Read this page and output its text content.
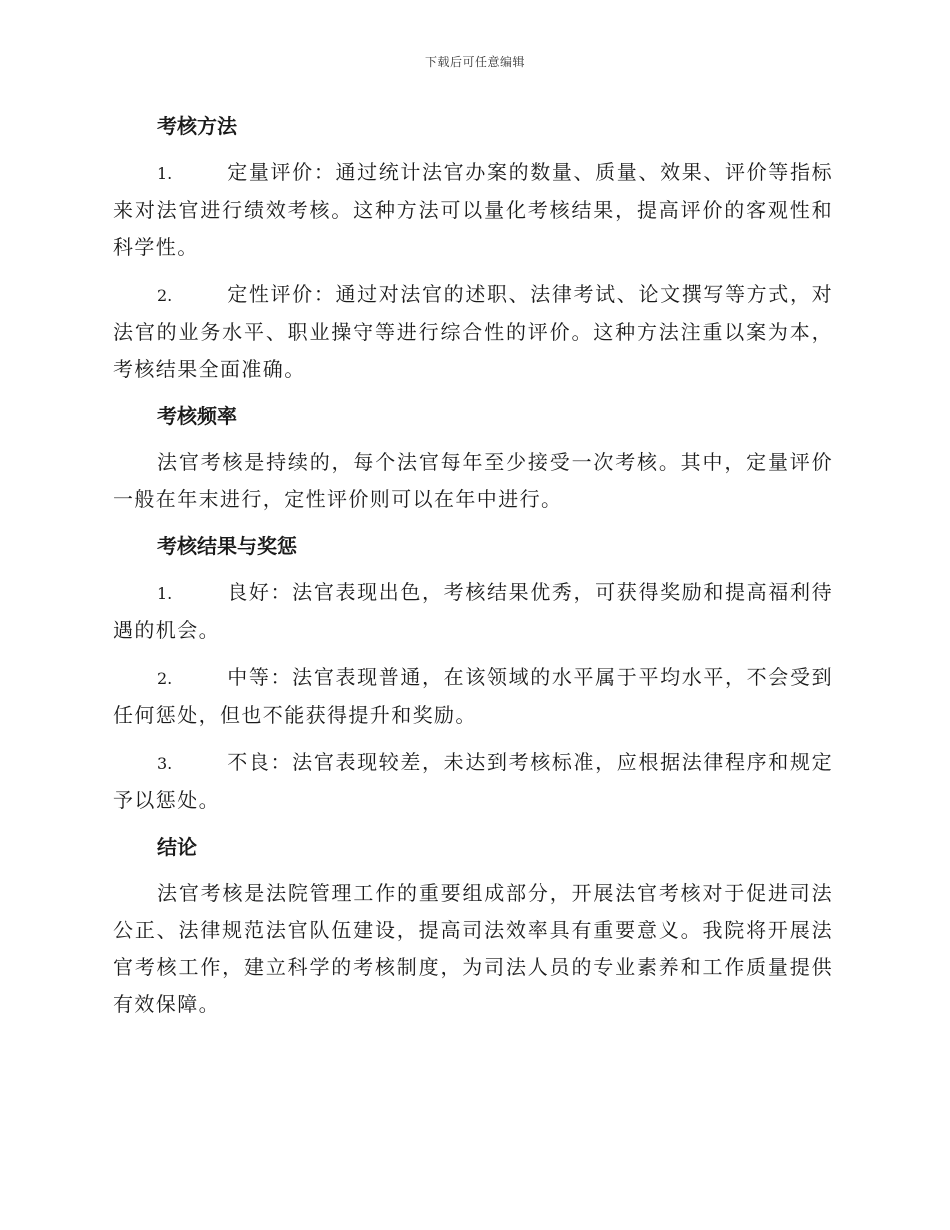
下载后可任意编辑
考核方法
1.	定量评价：通过统计法官办案的数量、质量、效果、评价等指标来对法官进行绩效考核。这种方法可以量化考核结果，提高评价的客观性和科学性。
2.	定性评价：通过对法官的述职、法律考试、论文撰写等方式，对法官的业务水平、职业操守等进行综合性的评价。这种方法注重以案为本，考核结果全面准确。
考核频率
法官考核是持续的，每个法官每年至少接受一次考核。其中，定量评价一般在年末进行，定性评价则可以在年中进行。
考核结果与奖惩
1.	良好：法官表现出色，考核结果优秀，可获得奖励和提高福利待遇的机会。
2.	中等：法官表现普通，在该领域的水平属于平均水平，不会受到任何惩处，但也不能获得提升和奖励。
3.	不良：法官表现较差，未达到考核标准，应根据法律程序和规定予以惩处。
结论
法官考核是法院管理工作的重要组成部分，开展法官考核对于促进司法公正、法律规范法官队伍建设，提高司法效率具有重要意义。我院将开展法官考核工作，建立科学的考核制度，为司法人员的专业素养和工作质量提供有效保障。
